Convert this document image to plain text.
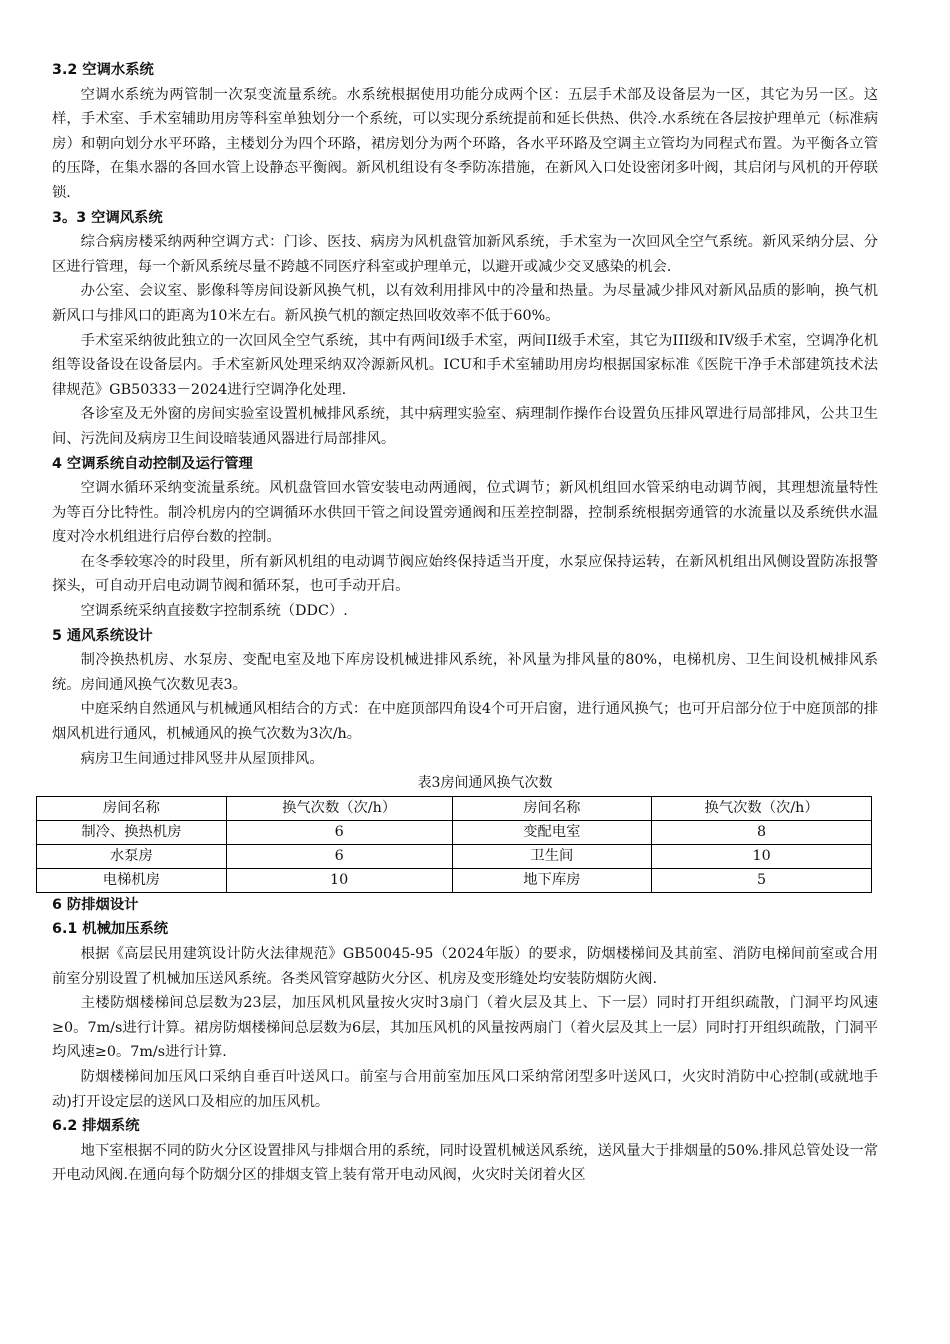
3.2 空调水系统
空调水系统为两管制一次泵变流量系统。水系统根据使用功能分成两个区：五层手术部及设备层为一区，其它为另一区。这样，手术室、手术室辅助用房等科室单独划分一个系统，可以实现分系统提前和延长供热、供冷.水系统在各层按护理单元（标准病房）和朝向划分水平环路，主楼划分为四个环路，裙房划分为两个环路，各水平环路及空调主立管均为同程式布置。为平衡各立管的压降，在集水器的各回水管上设静态平衡阀。新风机组设有冬季防冻措施，在新风入口处设密闭多叶阀，其启闭与风机的开停联锁.
3。3 空调风系统
综合病房楼采纳两种空调方式：门诊、医技、病房为风机盘管加新风系统，手术室为一次回风全空气系统。新风采纳分层、分区进行管理，每一个新风系统尽量不跨越不同医疗科室或护理单元，以避开或减少交叉感染的机会.
办公室、会议室、影像科等房间设新风换气机，以有效利用排风中的冷量和热量。为尽量减少排风对新风品质的影响，换气机新风口与排风口的距离为10米左右。新风换气机的额定热回收效率不低于60%。
手术室采纳彼此独立的一次回风全空气系统，其中有两间I级手术室，两间II级手术室，其它为III级和IV级手术室，空调净化机组等设备设在设备层内。手术室新风处理采纳双冷源新风机。ICU和手术室辅助用房均根据国家标准《医院干净手术部建筑技术法律规范》GB50333－2024进行空调净化处理.
各诊室及无外窗的房间实验室设置机械排风系统，其中病理实验室、病理制作操作台设置负压排风罩进行局部排风，公共卫生间、污洗间及病房卫生间设暗装通风器进行局部排风。
4 空调系统自动控制及运行管理
空调水循环采纳变流量系统。风机盘管回水管安装电动两通阀，位式调节；新风机组回水管采纳电动调节阀，其理想流量特性为等百分比特性。制冷机房内的空调循环水供回干管之间设置旁通阀和压差控制器，控制系统根据旁通管的水流量以及系统供水温度对冷水机组进行启停台数的控制。
在冬季较寒冷的时段里，所有新风机组的电动调节阀应始终保持适当开度，水泵应保持运转，在新风机组出风侧设置防冻报警探头，可自动开启电动调节阀和循环泵，也可手动开启。
空调系统采纳直接数字控制系统（DDC）.
5 通风系统设计
制冷换热机房、水泵房、变配电室及地下库房设机械进排风系统，补风量为排风量的80%，电梯机房、卫生间设机械排风系统。房间通风换气次数见表3。
中庭采纳自然通风与机械通风相结合的方式：在中庭顶部四角设4个可开启窗，进行通风换气；也可开启部分位于中庭顶部的排烟风机进行通风，机械通风的换气次数为3次/h。
病房卫生间通过排风竖井从屋顶排风。
表3房间通风换气次数
房间名称	换气次数（次/h）	房间名称	换气次数（次/h）
制冷、换热机房	6	变配电室	8
水泵房	6	卫生间	10
电梯机房	10	地下库房	5
6 防排烟设计
6.1 机械加压系统
根据《高层民用建筑设计防火法律规范》GB50045-95（2024年版）的要求，防烟楼梯间及其前室、消防电梯间前室或合用前室分别设置了机械加压送风系统。各类风管穿越防火分区、机房及变形缝处均安装防烟防火阀.
主楼防烟楼梯间总层数为23层，加压风机风量按火灾时3扇门（着火层及其上、下一层）同时打开组织疏散，门洞平均风速≥0。7m/s进行计算。裙房防烟楼梯间总层数为6层，其加压风机的风量按两扇门（着火层及其上一层）同时打开组织疏散，门洞平均风速≥0。7m/s进行计算.
防烟楼梯间加压风口采纳自垂百叶送风口。前室与合用前室加压风口采纳常闭型多叶送风口，火灾时消防中心控制(或就地手动)打开设定层的送风口及相应的加压风机。
6.2 排烟系统
地下室根据不同的防火分区设置排风与排烟合用的系统，同时设置机械送风系统，送风量大于排烟量的50%.排风总管处设一常开电动风阀.在通向每个防烟分区的排烟支管上装有常开电动风阀，火灾时关闭着火区
